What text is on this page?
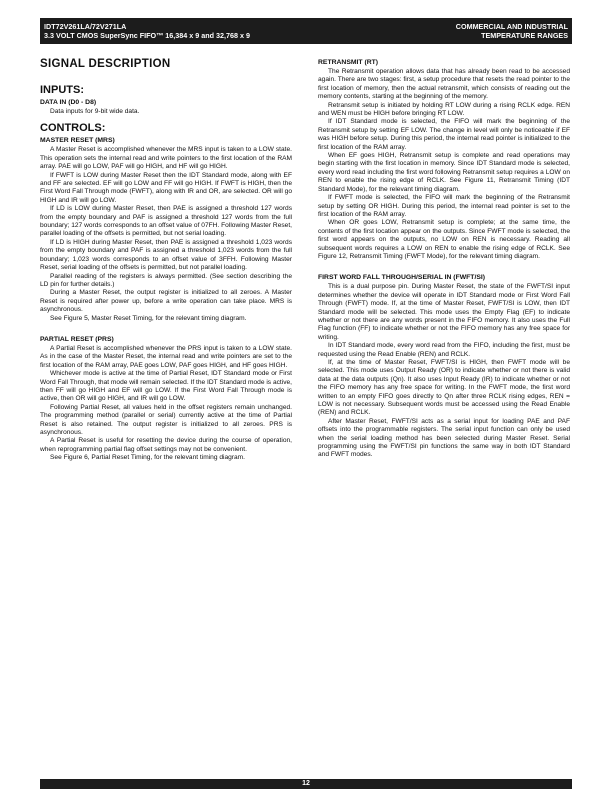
IDT72V261LA/72V271LA
3.3 VOLT CMOS SuperSync FIFO™ 16,384 x 9 and 32,768 x 9
COMMERCIAL AND INDUSTRIAL
TEMPERATURE RANGES
SIGNAL DESCRIPTION
INPUTS:
DATA IN (D0 - D8)

Data inputs for 9-bit wide data.

CONTROLS:
MASTER RESET (MRS)

A Master Reset is accomplished whenever the MRS input is taken to a LOW state. This operation sets the internal read and write pointers to the first location of the RAM array. PAE will go LOW, PAF will go HIGH, and HF will go HIGH.

If FWFT is LOW during Master Reset then the IDT Standard mode, along with EF and FF are selected. EF will go LOW and FF will go HIGH. If FWFT is HIGH, then the First Word Fall Through mode (FWFT), along with IR and OR, are selected. OR will go HIGH and IR will go LOW.

If LD is LOW during Master Reset, then PAE is assigned a threshold 127 words from the empty boundary and PAF is assigned a threshold 127 words from the full boundary; 127 words corresponds to an offset value of 07FH. Following Master Reset, parallel loading of the offsets is permitted, but not serial loading.

If LD is HIGH during Master Reset, then PAE is assigned a threshold 1,023 words from the empty boundary and PAF is assigned a threshold 1,023 words from the full boundary; 1,023 words corresponds to an offset value of 3FFH. Following Master Reset, serial loading of the offsets is permitted, but not parallel loading.

Parallel reading of the registers is always permitted. (See section describing the LD pin for further details.)

During a Master Reset, the output register is initialized to all zeroes. A Master Reset is required after power up, before a write operation can take place. MRS is asynchronous.

See Figure 5, Master Reset Timing, for the relevant timing diagram.

PARTIAL RESET (PRS)

A Partial Reset is accomplished whenever the PRS input is taken to a LOW state. As in the case of the Master Reset, the internal read and write pointers are set to the first location of the RAM array, PAE goes LOW, PAF goes HIGH, and HF goes HIGH.

Whichever mode is active at the time of Partial Reset, IDT Standard mode or First Word Fall Through, that mode will remain selected. If the IDT Standard mode is active, then FF will go HIGH and EF will go LOW. If the First Word Fall Through mode is active, then OR will go HIGH, and IR will go LOW.

Following Partial Reset, all values held in the offset registers remain unchanged. The programming method (parallel or serial) currently active at the time of Partial Reset is also retained. The output register is initialized to all zeroes. PRS is asynchronous.

A Partial Reset is useful for resetting the device during the course of operation, when reprogramming partial flag offset settings may not be convenient.

See Figure 6, Partial Reset Timing, for the relevant timing diagram.

RETRANSMIT (RT)

The Retransmit operation allows data that has already been read to be accessed again. There are two stages: first, a setup procedure that resets the read pointer to the first location of memory, then the actual retransmit, which consists of reading out the memory contents, starting at the beginning of the memory.

Retransmit setup is initiated by holding RT LOW during a rising RCLK edge. REN and WEN must be HIGH before bringing RT LOW.

If IDT Standard mode is selected, the FIFO will mark the beginning of the Retransmit setup by setting EF LOW. The change in level will only be noticeable if EF was HIGH before setup. During this period, the internal read pointer is initialized to the first location of the RAM array.

When EF goes HIGH, Retransmit setup is complete and read operations may begin starting with the first location in memory. Since IDT Standard mode is selected, every word read including the first word following Retransmit setup requires a LOW on REN to enable the rising edge of RCLK. See Figure 11, Retransmit Timing (IDT Standard Mode), for the relevant timing diagram.

If FWFT mode is selected, the FIFO will mark the beginning of the Retransmit setup by setting OR HIGH. During this period, the internal read pointer is set to the first location of the RAM array.

When OR goes LOW, Retransmit setup is complete; at the same time, the contents of the first location appear on the outputs. Since FWFT mode is selected, the first word appears on the outputs, no LOW on REN is necessary. Reading all subsequent words requires a LOW on REN to enable the rising edge of RCLK. See Figure 12, Retransmit Timing (FWFT Mode), for the relevant timing diagram.

FIRST WORD FALL THROUGH/SERIAL IN (FWFT/SI)

This is a dual purpose pin. During Master Reset, the state of the FWFT/SI input determines whether the device will operate in IDT Standard mode or First Word Fall Through (FWFT) mode. If, at the time of Master Reset, FWFT/SI is LOW, then IDT Standard mode will be selected. This mode uses the Empty Flag (EF) to indicate whether or not there are any words present in the FIFO memory. It also uses the Full Flag function (FF) to indicate whether or not the FIFO memory has any free space for writing.

In IDT Standard mode, every word read from the FIFO, including the first, must be requested using the Read Enable (REN) and RCLK.

If, at the time of Master Reset, FWFT/SI is HIGH, then FWFT mode will be selected. This mode uses Output Ready (OR) to indicate whether or not there is valid data at the data outputs (Qn). It also uses Input Ready (IR) to indicate whether or not the FIFO memory has any free space for writing. In the FWFT mode, the first word written to an empty FIFO goes directly to Qn after three RCLK rising edges, REN = LOW is not necessary. Subsequent words must be accessed using the Read Enable (REN) and RCLK.

After Master Reset, FWFT/SI acts as a serial input for loading PAE and PAF offsets into the programmable registers. The serial input function can only be used when the serial loading method has been selected during Master Reset. Serial programming using the FWFT/SI pin functions the same way in both IDT Standard and FWFT modes.

12
